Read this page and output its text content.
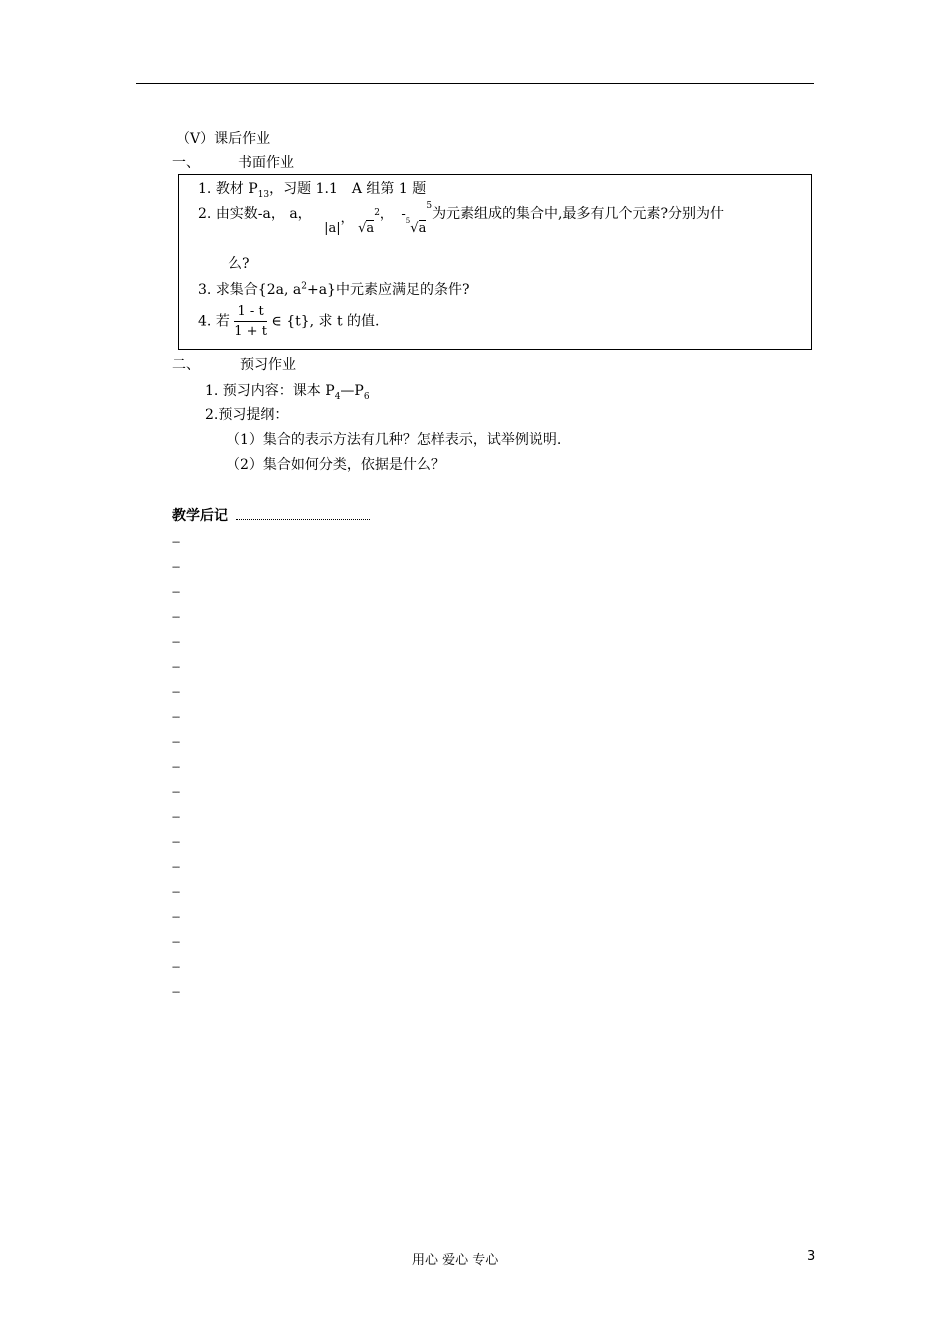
（V）课后作业
一、	书面作业
1. 教材 $P_{13}$，习题 1.1　A 组第 1 题
2. 由实数-a， a， |a|， $√a^2$， $-^5√a^5$为元素组成的集合中,最多有几个元素?分别为什
么?
3. 求集合{2a, $a^2+a$}中元素应满足的条件?
4. 若 $\frac{1 - t}{1 + t}$ ∈ {t}, 求 t 的值.
二、	预习作业
1. 预习内容：课本 $P_4—P_6$
2.预习提纲：
（1）集合的表示方法有几种？怎样表示，试举例说明.
（2）集合如何分类，依据是什么？
教学后记
---
---
---
---
---
---
---
---
---
---
---
---
---
---
---
---
---
---
---
用心 爱心 专心	3
